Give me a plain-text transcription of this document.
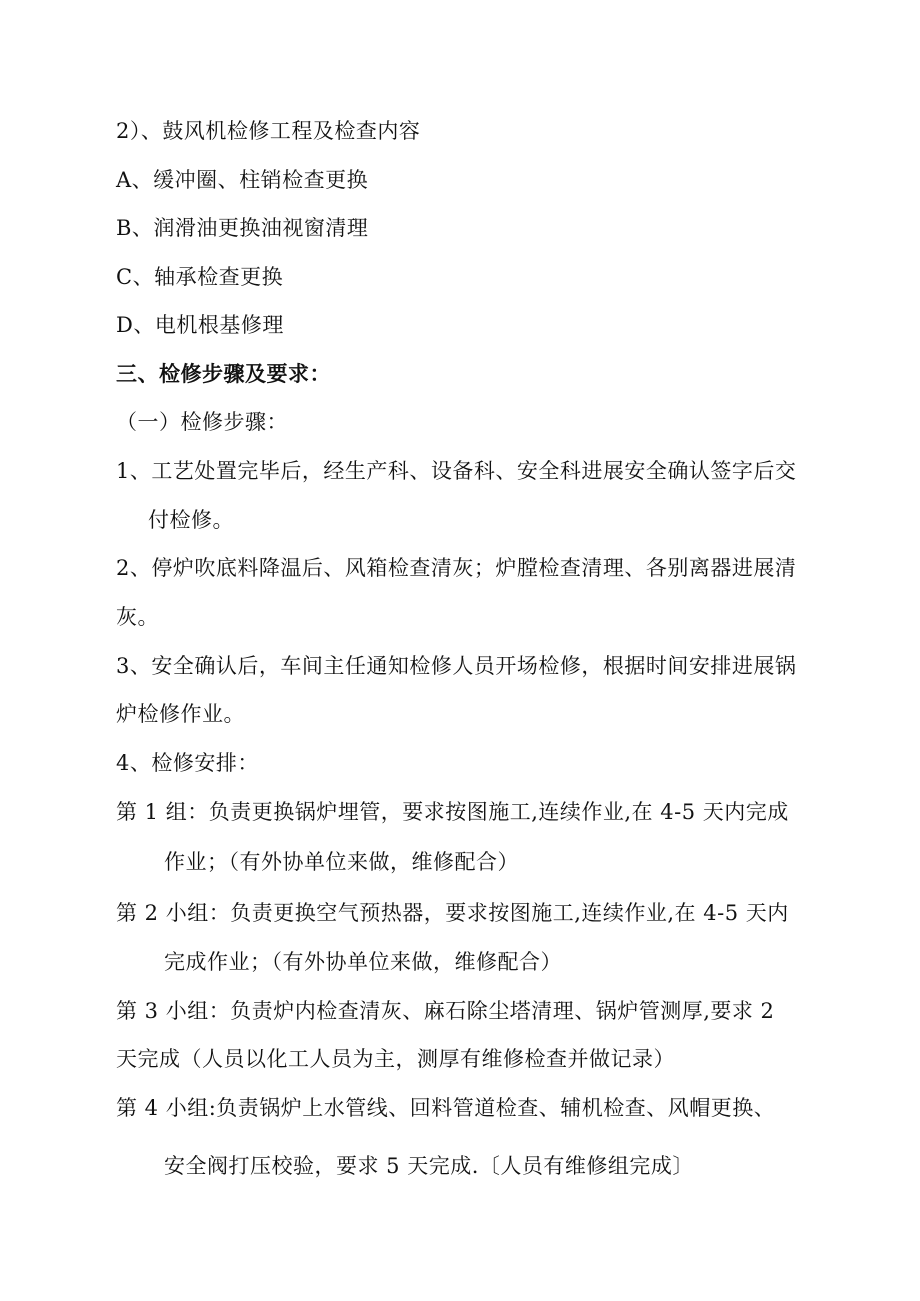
2）、鼓风机检修工程及检查内容
A、缓冲圈、柱销检查更换
B、润滑油更换油视窗清理
C、轴承检查更换
D、电机根基修理
三、检修步骤及要求：
（一）检修步骤：
1、工艺处置完毕后，经生产科、设备科、安全科进展安全确认签字后交
付检修。
2、停炉吹底料降温后、风箱检查清灰；炉膛检查清理、各别离器进展清
灰。
3、安全确认后，车间主任通知检修人员开场检修，根据时间安排进展锅
炉检修作业。
4、检修安排：
第 1 组：负责更换锅炉埋管，要求按图施工,连续作业,在 4-5 天内完成
作业；（有外协单位来做，维修配合）
第 2 小组：负责更换空气预热器，要求按图施工,连续作业,在 4-5 天内
完成作业；（有外协单位来做，维修配合）
第 3 小组：负责炉内检查清灰、麻石除尘塔清理、锅炉管测厚,要求 2
天完成（人员以化工人员为主，测厚有维修检查并做记录）
第 4 小组:负责锅炉上水管线、回料管道检查、辅机检查、风帽更换、
安全阀打压校验，要求 5 天完成.〔人员有维修组完成〕
